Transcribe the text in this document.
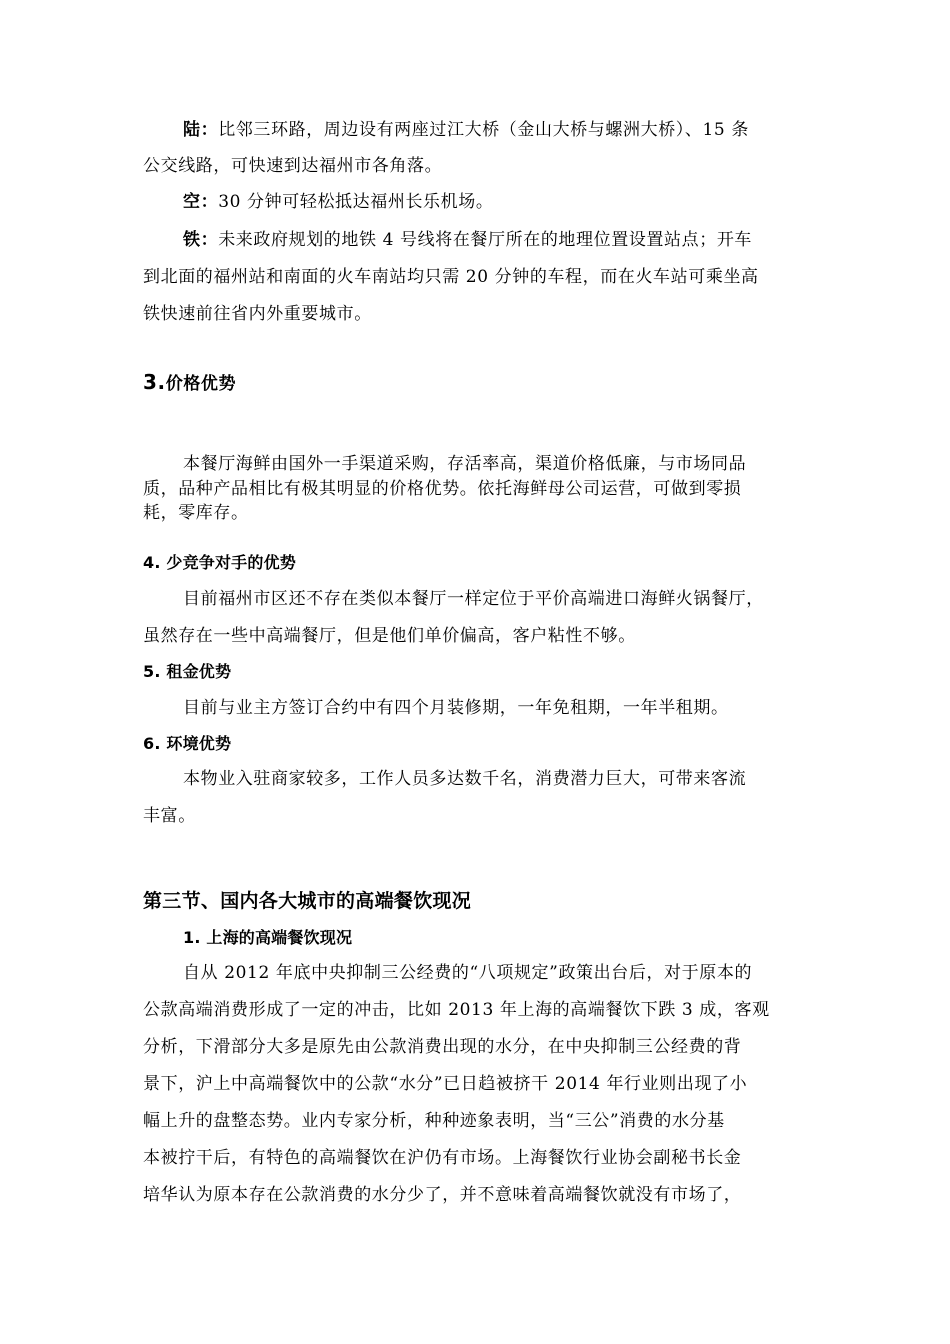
陆：比邻三环路，周边设有两座过江大桥（金山大桥与螺洲大桥）、15 条
公交线路，可快速到达福州市各角落。
空：30 分钟可轻松抵达福州长乐机场。
铁：未来政府规划的地铁 4 号线将在餐厅所在的地理位置设置站点；开车
到北面的福州站和南面的火车南站均只需 20 分钟的车程，而在火车站可乘坐高
铁快速前往省内外重要城市。
3.价格优势
本餐厅海鲜由国外一手渠道采购，存活率高，渠道价格低廉，与市场同品
质，品种产品相比有极其明显的价格优势。依托海鲜母公司运营，可做到零损
耗，零库存。
4. 少竞争对手的优势
目前福州市区还不存在类似本餐厅一样定位于平价高端进口海鲜火锅餐厅，
虽然存在一些中高端餐厅，但是他们单价偏高，客户粘性不够。
5. 租金优势
目前与业主方签订合约中有四个月装修期，一年免租期，一年半租期。
6. 环境优势
本物业入驻商家较多，工作人员多达数千名，消费潜力巨大，可带来客流
丰富。
第三节、国内各大城市的高端餐饮现况
1. 上海的高端餐饮现况
自从 2012 年底中央抑制三公经费的“八项规定”政策出台后，对于原本的
公款高端消费形成了一定的冲击，比如 2013 年上海的高端餐饮下跌 3 成，客观
分析，下滑部分大多是原先由公款消费出现的水分，在中央抑制三公经费的背
景下，沪上中高端餐饮中的公款“水分”已日趋被挤干 2014 年行业则出现了小
幅上升的盘整态势。业内专家分析，种种迹象表明，当“三公”消费的水分基
本被拧干后，有特色的高端餐饮在沪仍有市场。上海餐饮行业协会副秘书长金
培华认为原本存在公款消费的水分少了，并不意味着高端餐饮就没有市场了，
